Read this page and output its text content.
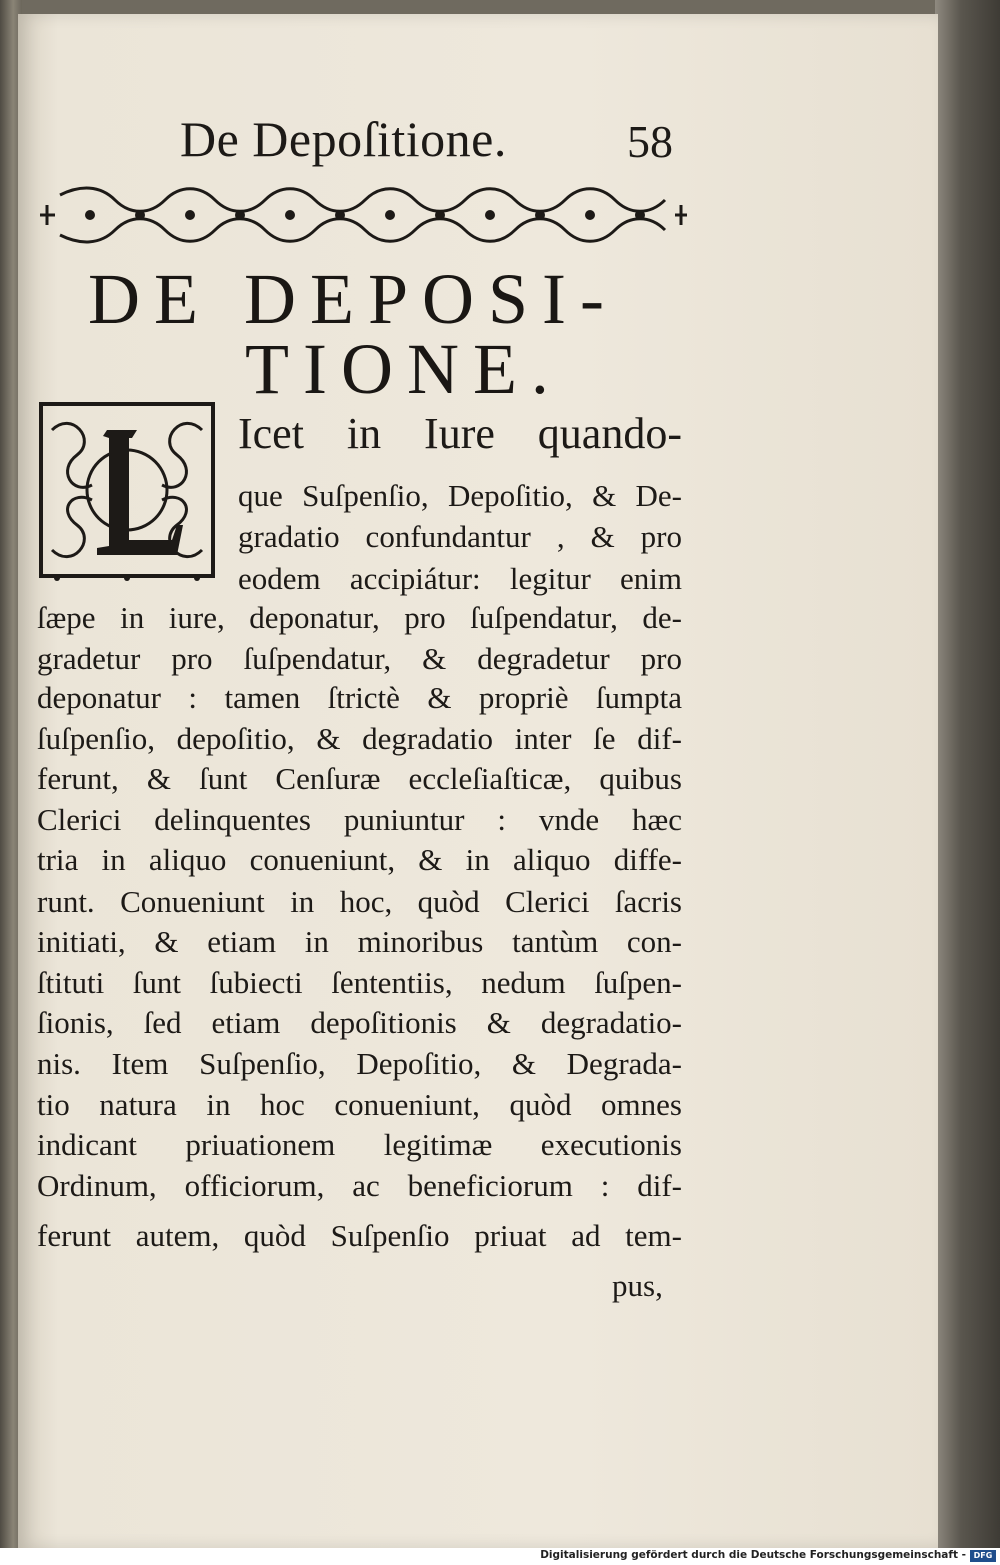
De Depoſitione.	58
DE DEPOSI-
TIONE.
Icet in Iure quando-
que Suſpenſio, Depoſitio, & De-
gradatio confundantur , & pro
eodem accipiátur: legitur enim
ſæpe in iure, deponatur, pro ſuſpendatur, de-
gradetur pro ſuſpendatur, & degradetur pro
deponatur : tamen ſtrictè & propriè ſumpta
ſuſpenſio, depoſitio, & degradatio inter ſe dif-
ferunt, & ſunt Cenſuræ eccleſiaſticæ, quibus
Clerici delinquentes puniuntur : vnde hæc
tria in aliquo conueniunt, & in aliquo diffe-
runt. Conueniunt in hoc, quòd Clerici ſacris
initiati, & etiam in minoribus tantùm con-
ſtituti ſunt ſubiecti ſententiis, nedum ſuſpen-
ſionis, ſed etiam depoſitionis & degradatio-
nis. Item Suſpenſio, Depoſitio, & Degrada-
tio natura in hoc conueniunt, quòd omnes
indicant priuationem legitimæ executionis
Ordinum, officiorum, ac beneficiorum : dif-
ferunt autem, quòd Suſpenſio priuat ad tem-
pus,
Digitalisierung gefördert durch die Deutsche Forschungsgemeinschaft - DFG
